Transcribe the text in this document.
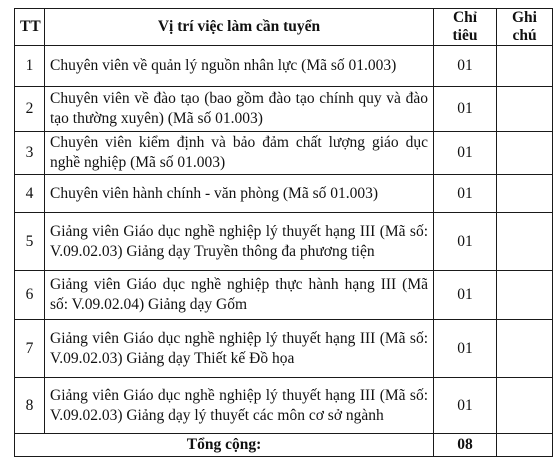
TT	Vị trí việc làm cần tuyển	Chỉ tiêu	Ghi chú
1	Chuyên viên về quản lý nguồn nhân lực (Mã số 01.003)	01	
2	Chuyên viên về đào tạo (bao gồm đào tạo chính quy và đào tạo thường xuyên) (Mã số 01.003)	01	
3	Chuyên viên kiểm định và bảo đảm chất lượng giáo dục nghề nghiệp (Mã số 01.003)	01	
4	Chuyên viên hành chính - văn phòng (Mã số 01.003)	01	
5	Giảng viên Giáo dục nghề nghiệp lý thuyết hạng III (Mã số: V.09.02.03) Giảng dạy Truyền thông đa phương tiện	01	
6	Giảng viên Giáo dục nghề nghiệp thực hành hạng III (Mã số: V.09.02.04) Giảng dạy Gốm	01	
7	Giảng viên Giáo dục nghề nghiệp lý thuyết hạng III (Mã số: V.09.02.03) Giảng dạy Thiết kế Đồ họa	01	
8	Giảng viên Giáo dục nghề nghiệp lý thuyết hạng III (Mã số: V.09.02.03) Giảng dạy lý thuyết các môn cơ sở ngành	01	
Tổng cộng:		08	
